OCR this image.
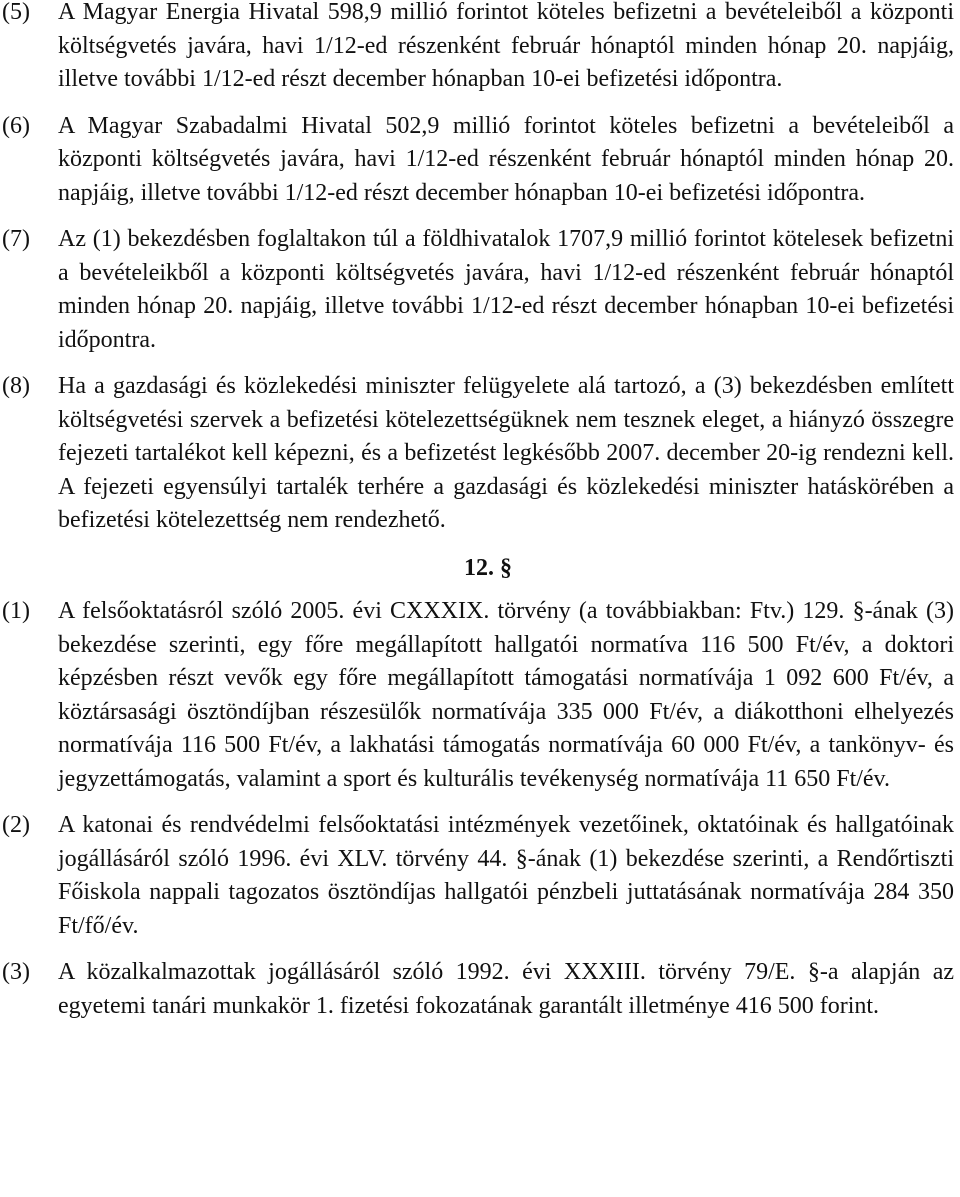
(5) A Magyar Energia Hivatal 598,9 millió forintot köteles befizetni a bevételeiből a központi költségvetés javára, havi 1/12-ed részenként február hónaptól minden hónap 20. napjáig, illetve további 1/12-ed részt december hónapban 10-ei befizetési időpontra.
(6) A Magyar Szabadalmi Hivatal 502,9 millió forintot köteles befizetni a bevételeiből a központi költségvetés javára, havi 1/12-ed részenként február hónaptól minden hónap 20. napjáig, illetve további 1/12-ed részt december hónapban 10-ei befizetési időpontra.
(7) Az (1) bekezdésben foglaltakon túl a földhivatalok 1707,9 millió forintot kötelesek befizetni a bevételeikből a központi költségvetés javára, havi 1/12-ed részenként február hónaptól minden hónap 20. napjáig, illetve további 1/12-ed részt december hónapban 10-ei befizetési időpontra.
(8) Ha a gazdasági és közlekedési miniszter felügyelete alá tartozó, a (3) bekezdésben említett költségvetési szervek a befizetési kötelezettségüknek nem tesznek eleget, a hiányzó összegre fejezeti tartalékot kell képezni, és a befizetést legkésőbb 2007. december 20-ig rendezni kell. A fejezeti egyensúlyi tartalék terhére a gazdasági és közlekedési miniszter hatáskörében a befizetési kötelezettség nem rendezhető.
12. §
(1) A felsőoktatásról szóló 2005. évi CXXXIX. törvény (a továbbiakban: Ftv.) 129. §-ának (3) bekezdése szerinti, egy főre megállapított hallgatói normatíva 116 500 Ft/év, a doktori képzésben részt vevők egy főre megállapított támogatási normatívája 1 092 600 Ft/év, a köztársasági ösztöndíjban részesülők normatívája 335 000 Ft/év, a diákotthoni elhelyezés normatívája 116 500 Ft/év, a lakhatási támogatás normatívája 60 000 Ft/év, a tankönyv- és jegyzettámogatás, valamint a sport és kulturális tevékenység normatívája 11 650 Ft/év.
(2) A katonai és rendvédelmi felsőoktatási intézmények vezetőinek, oktatóinak és hallgatóinak jogállásáról szóló 1996. évi XLV. törvény 44. §-ának (1) bekezdése szerinti, a Rendőrtiszti Főiskola nappali tagozatos ösztöndíjas hallgatói pénzbeli juttatásának normatívája 284 350 Ft/fő/év.
(3) A közalkalmazottak jogállásáról szóló 1992. évi XXXIII. törvény 79/E. §-a alapján az egyetemi tanári munkakör 1. fizetési fokozatának garantált illetménye 416 500 forint.
